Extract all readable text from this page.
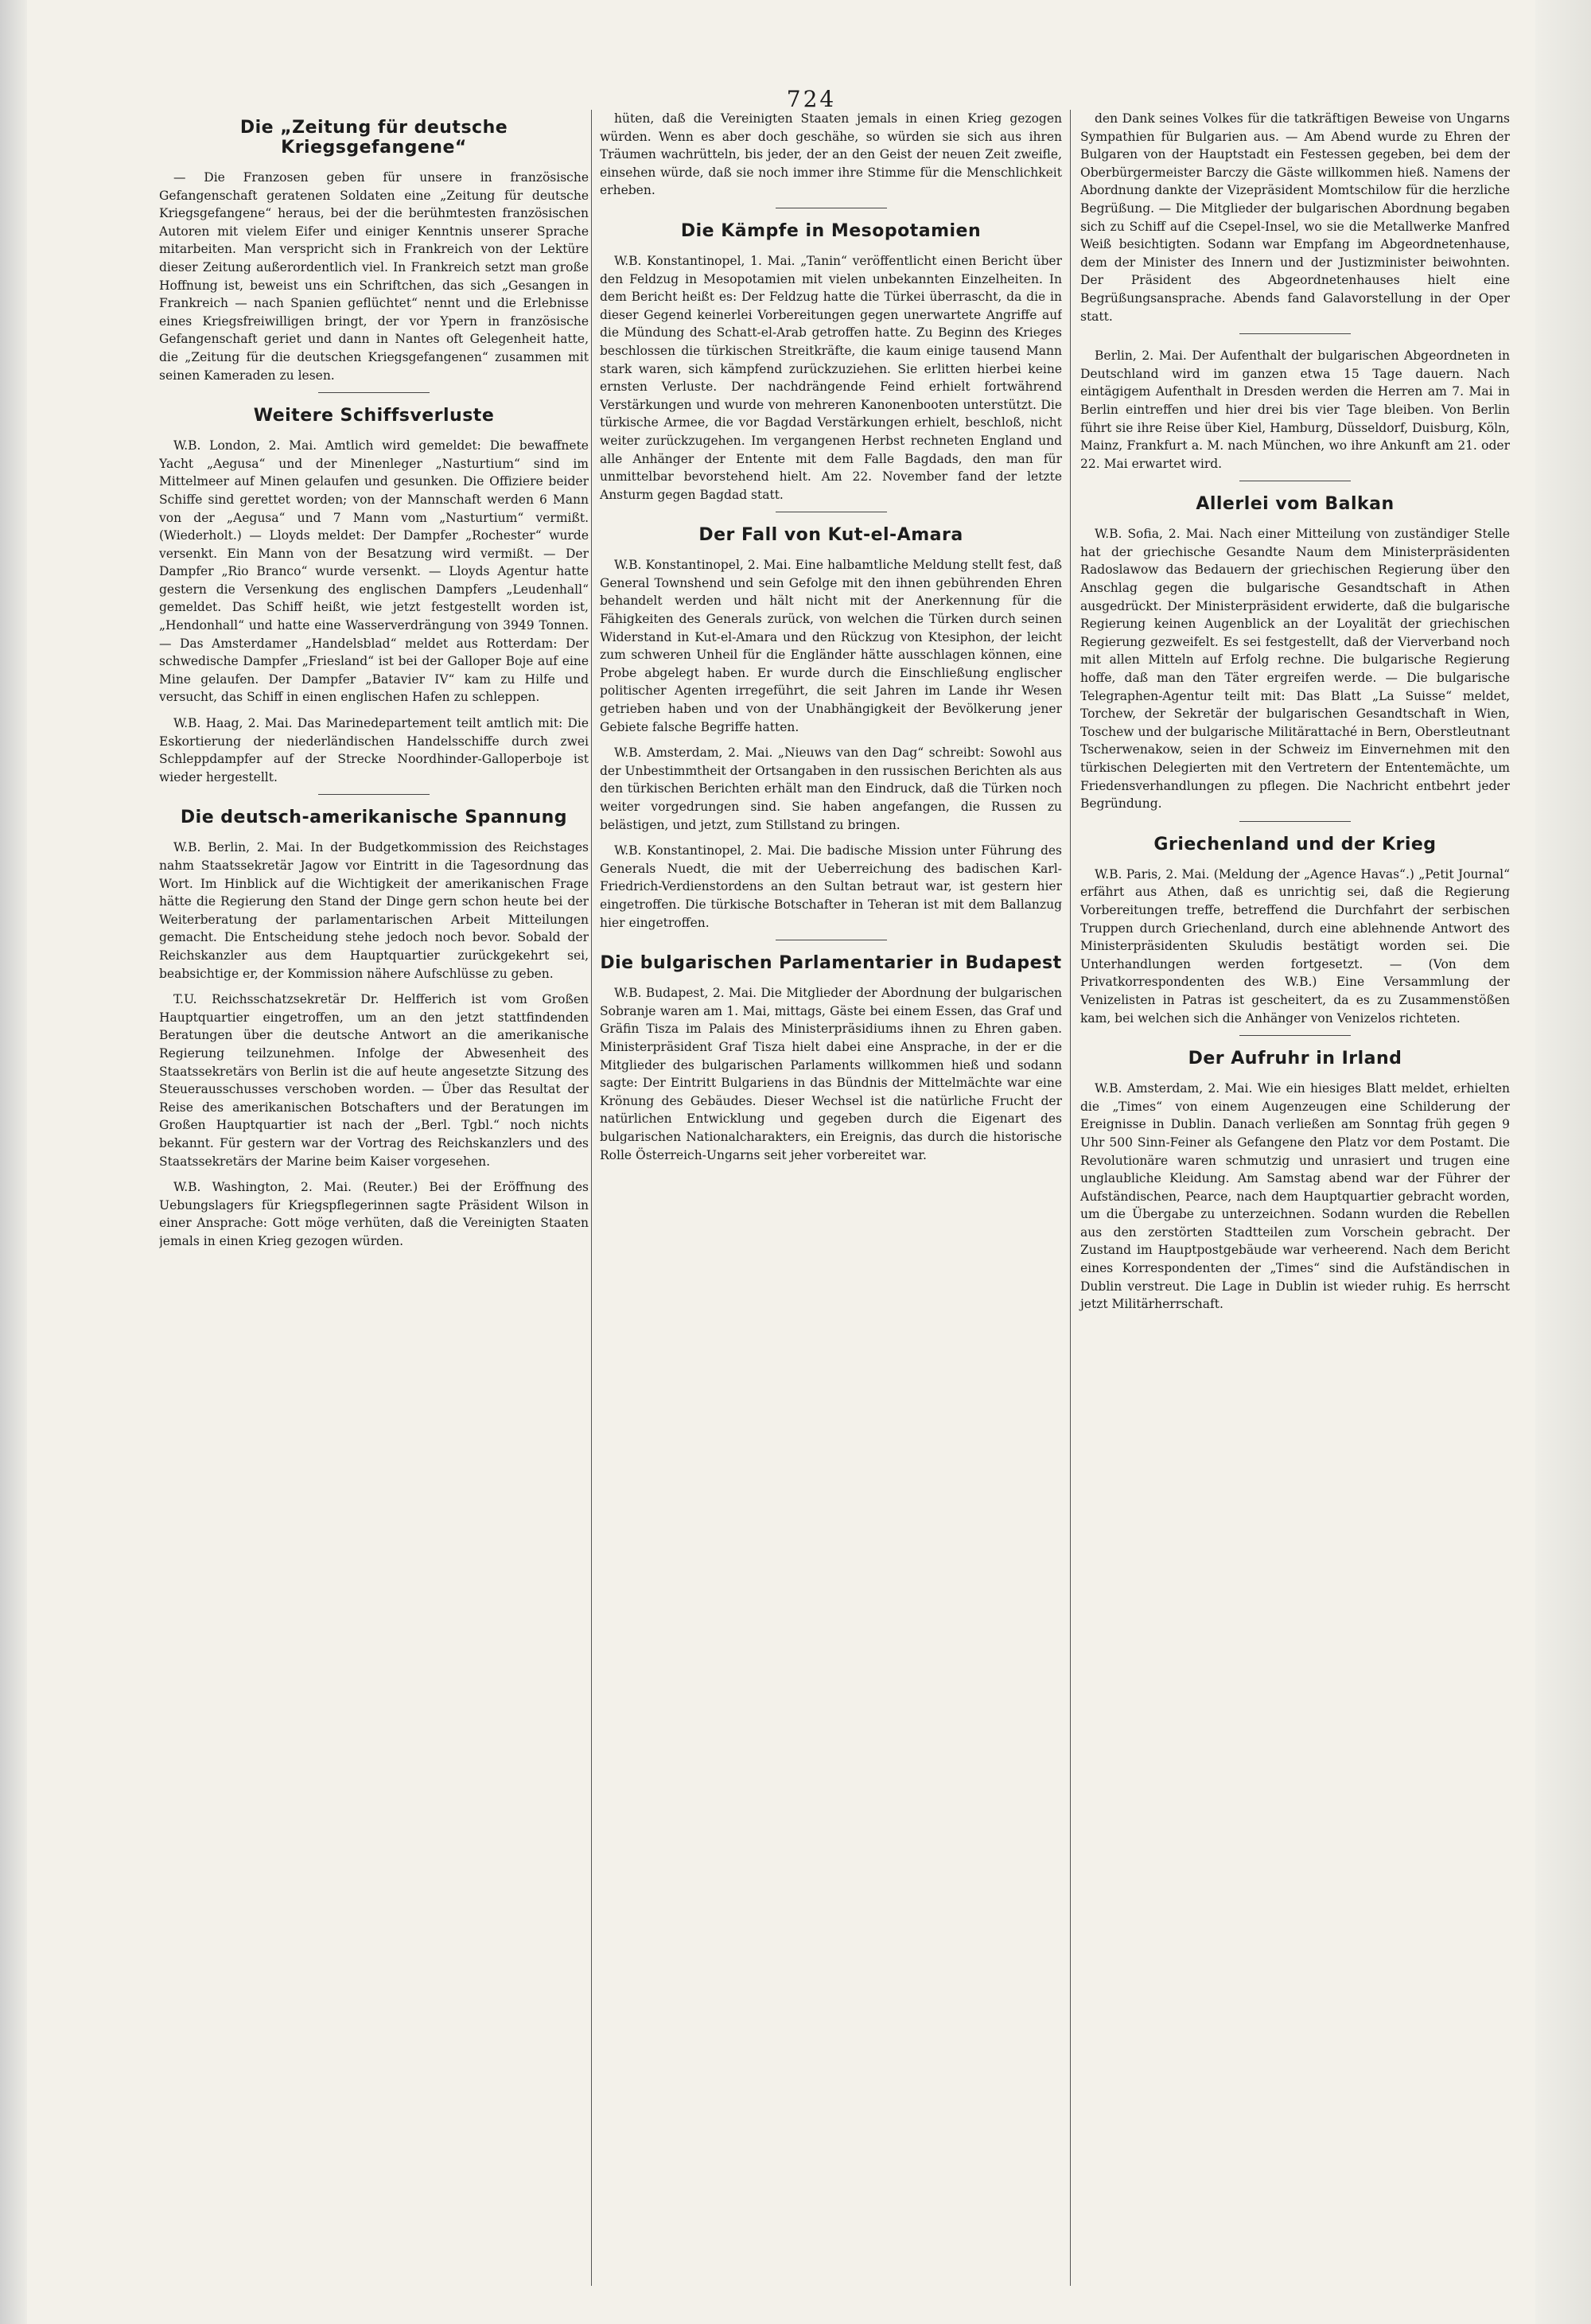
724
Die „Zeitung für deutsche Kriegsgefangene“

— Die Franzosen geben für unsere in französische Gefangenschaft geratenen Soldaten eine „Zeitung für deutsche Kriegsgefangene“ heraus, bei der die berühmtesten französischen Autoren mit vielem Eifer und einiger Kenntnis unserer Sprache mitarbeiten. Man verspricht sich in Frankreich von der Lektüre dieser Zeitung außerordentlich viel. In Frankreich setzt man große Hoffnung ist, beweist uns ein Schriftchen, das sich „Gesangen in Frankreich — nach Spanien geflüchtet“ nennt und die Erlebnisse eines Kriegsfreiwilligen bringt, der vor Ypern in französische Gefangenschaft geriet und dann in Nantes oft Gelegenheit hatte, die „Zeitung für die deutschen Kriegsgefangenen“ zusammen mit seinen Kameraden zu lesen.

Weitere Schiffsverluste

W.B. London, 2. Mai. Amtlich wird gemeldet: Die bewaffnete Yacht „Aegusa“ und der Minenleger „Nasturtium“ sind im Mittelmeer auf Minen gelaufen und gesunken. Die Offiziere beider Schiffe sind gerettet worden; von der Mannschaft werden 6 Mann von der „Aegusa“ und 7 Mann vom „Nasturtium“ vermißt. (Wiederholt.) — Lloyds meldet: Der Dampfer „Rochester“ wurde versenkt. Ein Mann von der Besatzung wird vermißt. — Der Dampfer „Rio Branco“ wurde versenkt. — Lloyds Agentur hatte gestern die Versenkung des englischen Dampfers „Leudenhall“ gemeldet. Das Schiff heißt, wie jetzt festgestellt worden ist, „Hendonhall“ und hatte eine Wasserverdrängung von 3949 Tonnen. — Das Amsterdamer „Handelsblad“ meldet aus Rotterdam: Der schwedische Dampfer „Friesland“ ist bei der Galloper Boje auf eine Mine gelaufen. Der Dampfer „Batavier IV“ kam zu Hilfe und versucht, das Schiff in einen englischen Hafen zu schleppen.

W.B. Haag, 2. Mai. Das Marinedepartement teilt amtlich mit: Die Eskortierung der niederländischen Handelsschiffe durch zwei Schleppdampfer auf der Strecke Noordhinder-Galloperboje ist wieder hergestellt.

Die deutsch-amerikanische Spannung

W.B. Berlin, 2. Mai. In der Budgetkommission des Reichstages nahm Staatssekretär Jagow vor Eintritt in die Tagesordnung das Wort. Im Hinblick auf die Wichtigkeit der amerikanischen Frage hätte die Regierung den Stand der Dinge gern schon heute bei der Weiterberatung der parlamentarischen Arbeit Mitteilungen gemacht. Die Entscheidung stehe jedoch noch bevor. Sobald der Reichskanzler aus dem Hauptquartier zurückgekehrt sei, beabsichtige er, der Kommission nähere Aufschlüsse zu geben.

T.U. Reichsschatzsekretär Dr. Helfferich ist vom Großen Hauptquartier eingetroffen, um an den jetzt stattfindenden Beratungen über die deutsche Antwort an die amerikanische Regierung teilzunehmen. Infolge der Abwesenheit des Staatssekretärs von Berlin ist die auf heute angesetzte Sitzung des Steuerausschusses verschoben worden. — Über das Resultat der Reise des amerikanischen Botschafters und der Beratungen im Großen Hauptquartier ist nach der „Berl. Tgbl.“ noch nichts bekannt. Für gestern war der Vortrag des Reichskanzlers und des Staatssekretärs der Marine beim Kaiser vorgesehen.

W.B. Washington, 2. Mai. (Reuter.) Bei der Eröffnung des Uebungslagers für Kriegspflegerinnen sagte Präsident Wilson in einer Ansprache: Gott möge verhüten, daß die Vereinigten Staaten jemals in einen Krieg gezogen würden.

hüten, daß die Vereinigten Staaten jemals in einen Krieg gezogen würden. Wenn es aber doch geschähe, so würden sie sich aus ihren Träumen wachrütteln, bis jeder, der an den Geist der neuen Zeit zweifle, einsehen würde, daß sie noch immer ihre Stimme für die Menschlichkeit erheben.

Die Kämpfe in Mesopotamien

W.B. Konstantinopel, 1. Mai. „Tanin“ veröffentlicht einen Bericht über den Feldzug in Mesopotamien mit vielen unbekannten Einzelheiten. In dem Bericht heißt es: Der Feldzug hatte die Türkei überrascht, da die in dieser Gegend keinerlei Vorbereitungen gegen unerwartete Angriffe auf die Mündung des Schatt-el-Arab getroffen hatte. Zu Beginn des Krieges beschlossen die türkischen Streitkräfte, die kaum einige tausend Mann stark waren, sich kämpfend zurückzuziehen. Sie erlitten hierbei keine ernsten Verluste. Der nachdrängende Feind erhielt fortwährend Verstärkungen und wurde von mehreren Kanonenbooten unterstützt. Die türkische Armee, die vor Bagdad Verstärkungen erhielt, beschloß, nicht weiter zurückzugehen. Im vergangenen Herbst rechneten England und alle Anhänger der Entente mit dem Falle Bagdads, den man für unmittelbar bevorstehend hielt. Am 22. November fand der letzte Ansturm gegen Bagdad statt.

Der Fall von Kut-el-Amara

W.B. Konstantinopel, 2. Mai. Eine halbamtliche Meldung stellt fest, daß General Townshend und sein Gefolge mit den ihnen gebührenden Ehren behandelt werden und hält nicht mit der Anerkennung für die Fähigkeiten des Generals zurück, von welchen die Türken durch seinen Widerstand in Kut-el-Amara und den Rückzug von Ktesiphon, der leicht zum schweren Unheil für die Engländer hätte ausschlagen können, eine Probe abgelegt haben. Er wurde durch die Einschließung englischer politischer Agenten irregeführt, die seit Jahren im Lande ihr Wesen getrieben haben und von der Unabhängigkeit der Bevölkerung jener Gebiete falsche Begriffe hatten.

W.B. Amsterdam, 2. Mai. „Nieuws van den Dag“ schreibt: Sowohl aus der Unbestimmtheit der Ortsangaben in den russischen Berichten als aus den türkischen Berichten erhält man den Eindruck, daß die Türken noch weiter vorgedrungen sind. Sie haben angefangen, die Russen zu belästigen, und jetzt, zum Stillstand zu bringen.

W.B. Konstantinopel, 2. Mai. Die badische Mission unter Führung des Generals Nuedt, die mit der Ueberreichung des badischen Karl-Friedrich-Verdienstordens an den Sultan betraut war, ist gestern hier eingetroffen. Die türkische Botschafter in Teheran ist mit dem Ballanzug hier eingetroffen.

Die bulgarischen Parlamentarier in Budapest

W.B. Budapest, 2. Mai. Die Mitglieder der Abordnung der bulgarischen Sobranje waren am 1. Mai, mittags, Gäste bei einem Essen, das Graf und Gräfin Tisza im Palais des Ministerpräsidiums ihnen zu Ehren gaben. Ministerpräsident Graf Tisza hielt dabei eine Ansprache, in der er die Mitglieder des bulgarischen Parlaments willkommen hieß und sodann sagte: Der Eintritt Bulgariens in das Bündnis der Mittelmächte war eine Krönung des Gebäudes. Dieser Wechsel ist die natürliche Frucht der natürlichen Entwicklung und gegeben durch die Eigenart des bulgarischen Nationalcharakters, ein Ereignis, das durch die historische Rolle Österreich-Ungarns seit jeher vorbereitet war.

den Dank seines Volkes für die tatkräftigen Beweise von Ungarns Sympathien für Bulgarien aus. — Am Abend wurde zu Ehren der Bulgaren von der Hauptstadt ein Festessen gegeben, bei dem der Oberbürgermeister Barczy die Gäste willkommen hieß. Namens der Abordnung dankte der Vizepräsident Momtschilow für die herzliche Begrüßung. — Die Mitglieder der bulgarischen Abordnung begaben sich zu Schiff auf die Csepel-Insel, wo sie die Metallwerke Manfred Weiß besichtigten. Sodann war Empfang im Abgeordnetenhause, dem der Minister des Innern und der Justizminister beiwohnten. Der Präsident des Abgeordnetenhauses hielt eine Begrüßungsansprache. Abends fand Galavorstellung in der Oper statt.

Berlin, 2. Mai. Der Aufenthalt der bulgarischen Abgeordneten in Deutschland wird im ganzen etwa 15 Tage dauern. Nach eintägigem Aufenthalt in Dresden werden die Herren am 7. Mai in Berlin eintreffen und hier drei bis vier Tage bleiben. Von Berlin führt sie ihre Reise über Kiel, Hamburg, Düsseldorf, Duisburg, Köln, Mainz, Frankfurt a. M. nach München, wo ihre Ankunft am 21. oder 22. Mai erwartet wird.

Allerlei vom Balkan

W.B. Sofia, 2. Mai. Nach einer Mitteilung von zuständiger Stelle hat der griechische Gesandte Naum dem Ministerpräsidenten Radoslawow das Bedauern der griechischen Regierung über den Anschlag gegen die bulgarische Gesandtschaft in Athen ausgedrückt. Der Ministerpräsident erwiderte, daß die bulgarische Regierung keinen Augenblick an der Loyalität der griechischen Regierung gezweifelt. Es sei festgestellt, daß der Vierverband noch mit allen Mitteln auf Erfolg rechne. Die bulgarische Regierung hoffe, daß man den Täter ergreifen werde. — Die bulgarische Telegraphen-Agentur teilt mit: Das Blatt „La Suisse“ meldet, Torchew, der Sekretär der bulgarischen Gesandtschaft in Wien, Toschew und der bulgarische Militärattaché in Bern, Oberstleutnant Tscherwenakow, seien in der Schweiz im Einvernehmen mit den türkischen Delegierten mit den Vertretern der Ententemächte, um Friedensverhandlungen zu pflegen. Die Nachricht entbehrt jeder Begründung.

Griechenland und der Krieg

W.B. Paris, 2. Mai. (Meldung der „Agence Havas“.) „Petit Journal“ erfährt aus Athen, daß es unrichtig sei, daß die Regierung Vorbereitungen treffe, betreffend die Durchfahrt der serbischen Truppen durch Griechenland, durch eine ablehnende Antwort des Ministerpräsidenten Skuludis bestätigt worden sei. Die Unterhandlungen werden fortgesetzt. — (Von dem Privatkorrespondenten des W.B.) Eine Versammlung der Venizelisten in Patras ist gescheitert, da es zu Zusammenstößen kam, bei welchen sich die Anhänger von Venizelos richteten.

Der Aufruhr in Irland

W.B. Amsterdam, 2. Mai. Wie ein hiesiges Blatt meldet, erhielten die „Times“ von einem Augenzeugen eine Schilderung der Ereignisse in Dublin. Danach verließen am Sonntag früh gegen 9 Uhr 500 Sinn-Feiner als Gefangene den Platz vor dem Postamt. Die Revolutionäre waren schmutzig und unrasiert und trugen eine unglaubliche Kleidung. Am Samstag abend war der Führer der Aufständischen, Pearce, nach dem Hauptquartier gebracht worden, um die Übergabe zu unterzeichnen. Sodann wurden die Rebellen aus den zerstörten Stadtteilen zum Vorschein gebracht. Der Zustand im Hauptpostgebäude war verheerend. Nach dem Bericht eines Korrespondenten der „Times“ sind die Aufständischen in Dublin verstreut. Die Lage in Dublin ist wieder ruhig. Es herrscht jetzt Militärherrschaft.
